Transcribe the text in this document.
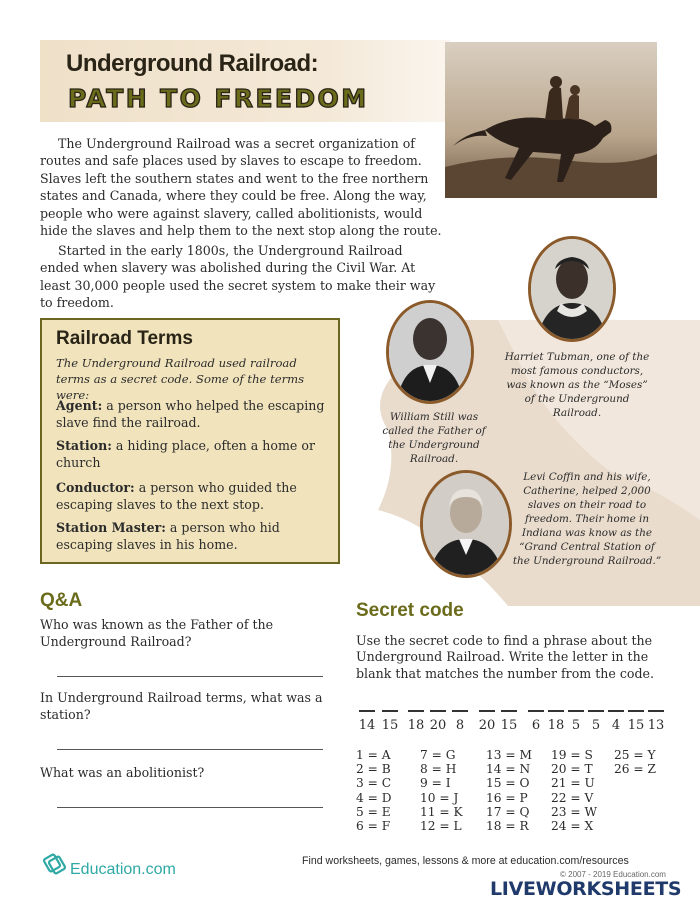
Underground Railroad:
PATH TO FREEDOM
The Underground Railroad was a secret organization of routes and safe places used by slaves to escape to freedom. Slaves left the southern states and went to the free northern states and Canada, where they could be free. Along the way, people who were against slavery, called abolitionists, would hide the slaves and help them to the next stop along the route.
Started in the early 1800s, the Underground Railroad ended when slavery was abolished during the Civil War. At least 30,000 people used the secret system to make their way to freedom.
William Still was called the Father of the Underground Railroad.
Harriet Tubman, one of the most famous conductors, was known as the “Moses” of the Underground Railroad.
Levi Coffin and his wife, Catherine, helped 2,000 slaves on their road to freedom. Their home in Indiana was know as the “Grand Central Station of the Underground Railroad.”
Railroad Terms
The Underground Railroad used railroad terms as a secret code. Some of the terms were:
Agent: a person who helped the escaping slave find the railroad.
Station: a hiding place, often a home or church
Conductor: a person who guided the escaping slaves to the next stop.
Station Master: a person who hid escaping slaves in his home.
Q&A
Who was known as the Father of the Underground Railroad?
In Underground Railroad terms, what was a station?
What was an abolitionist?
Secret code
Use the secret code to find a phrase about the Underground Railroad. Write the letter in the blank that matches the number from the code.
14 15 18 20 8	20 15	6 18 5 5 4 15 13
1 = A
2 = B
3 = C
4 = D
5 = E
6 = F
7 = G
8 = H
9 = I
10 = J
11 = K
12 = L
13 = M
14 = N
15 = O
16 = P
17 = Q
18 = R
19 = S
20 = T
21 = U
22 = V
23 = W
24 = X
25 = Y
26 = Z
Education.com	Find worksheets, games, lessons & more at education.com/resources
© 2007 - 2019 Education.com
LIVEWORKSHEETS
